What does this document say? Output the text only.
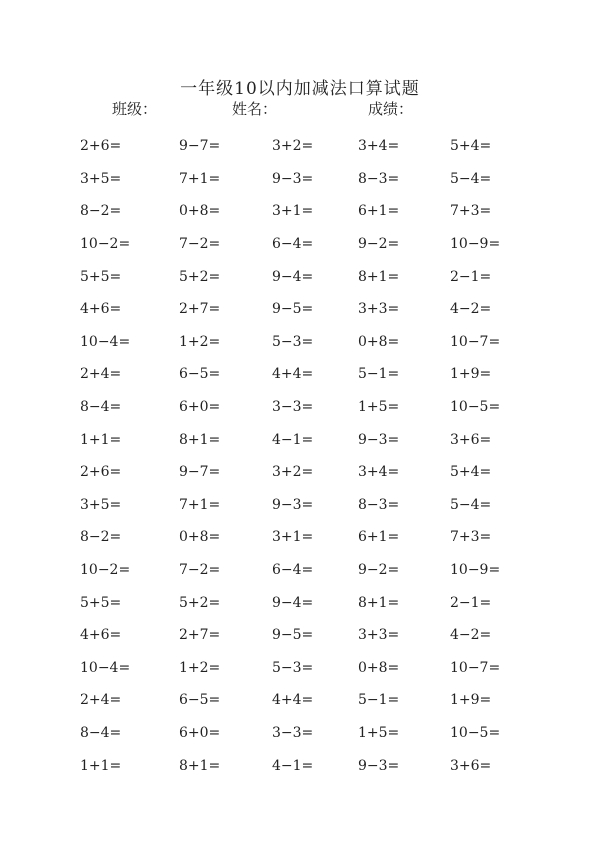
一年级10以内加减法口算试题
班级：	姓名：	成绩：
2+6=	9−7=	3+2=	3+4=	5+4=
3+5=	7+1=	9−3=	8−3=	5−4=
8−2=	0+8=	3+1=	6+1=	7+3=
10−2=	7−2=	6−4=	9−2=	10−9=
5+5=	5+2=	9−4=	8+1=	2−1=
4+6=	2+7=	9−5=	3+3=	4−2=
10−4=	1+2=	5−3=	0+8=	10−7=
2+4=	6−5=	4+4=	5−1=	1+9=
8−4=	6+0=	3−3=	1+5=	10−5=
1+1=	8+1=	4−1=	9−3=	3+6=
2+6=	9−7=	3+2=	3+4=	5+4=
3+5=	7+1=	9−3=	8−3=	5−4=
8−2=	0+8=	3+1=	6+1=	7+3=
10−2=	7−2=	6−4=	9−2=	10−9=
5+5=	5+2=	9−4=	8+1=	2−1=
4+6=	2+7=	9−5=	3+3=	4−2=
10−4=	1+2=	5−3=	0+8=	10−7=
2+4=	6−5=	4+4=	5−1=	1+9=
8−4=	6+0=	3−3=	1+5=	10−5=
1+1=	8+1=	4−1=	9−3=	3+6=
